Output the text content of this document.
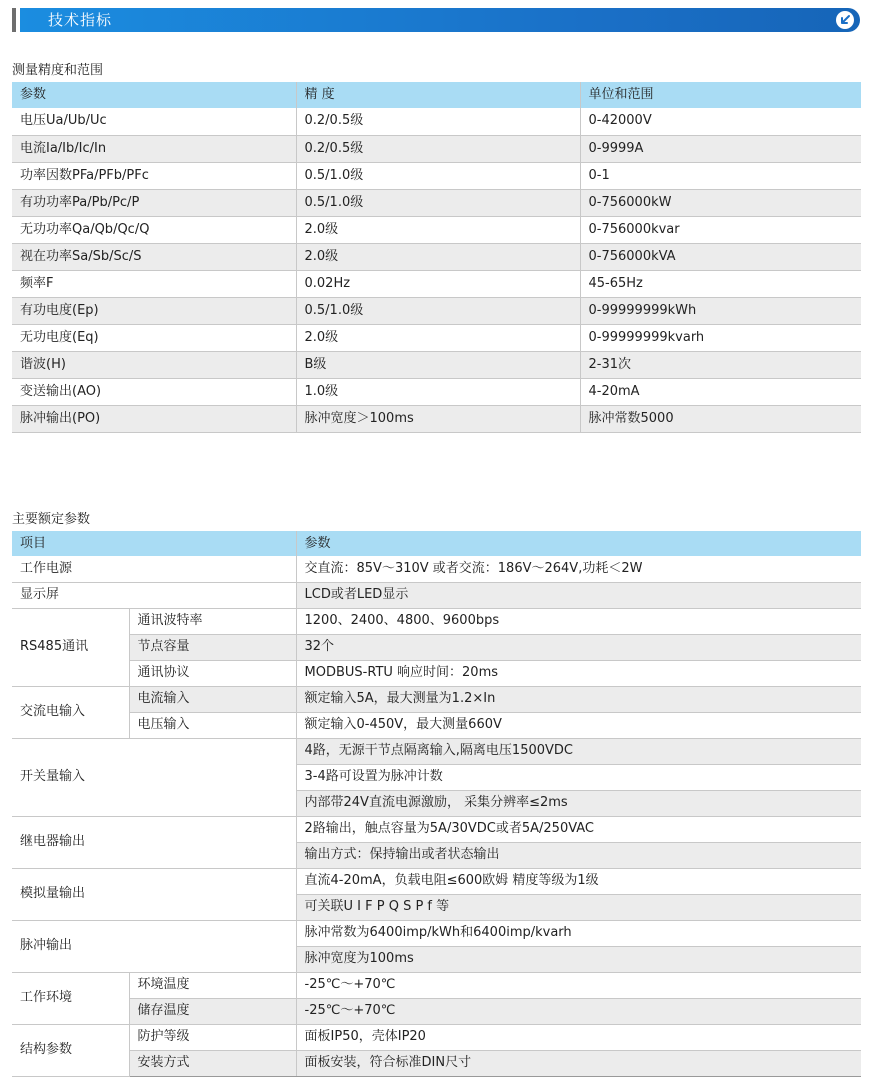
技术指标
测量精度和范围
参数	精 度	单位和范围
电压Ua/Ub/Uc	0.2/0.5级	0-42000V
电流Ia/Ib/Ic/In	0.2/0.5级	0-9999A
功率因数PFa/PFb/PFc	0.5/1.0级	0-1
有功功率Pa/Pb/Pc/P	0.5/1.0级	0-756000kW
无功功率Qa/Qb/Qc/Q	2.0级	0-756000kvar
视在功率Sa/Sb/Sc/S	2.0级	0-756000kVA
频率F	0.02Hz	45-65Hz
有功电度(Ep)	0.5/1.0级	0-99999999kWh
无功电度(Eq)	2.0级	0-99999999kvarh
谐波(H)	B级	2-31次
变送输出(AO)	1.0级	4-20mA
脉冲输出(PO)	脉冲宽度＞100ms	脉冲常数5000
主要额定参数
项目		参数
工作电源		交直流：85V～310V 或者交流：186V～264V,功耗＜2W
显示屏		LCD或者LED显示
RS485通讯	通讯波特率	1200、2400、4800、9600bps
	节点容量	32个
	通讯协议	MODBUS-RTU 响应时间：20ms
交流电输入	电流输入	额定输入5A，最大测量为1.2×In
	电压输入	额定输入0-450V，最大测量660V
开关量输入		4路，无源干节点隔离输入,隔离电压1500VDC
		3-4路可设置为脉冲计数
		内部带24V直流电源激励， 采集分辨率≤2ms
继电器输出		2路输出，触点容量为5A/30VDC或者5A/250VAC
		输出方式：保持输出或者状态输出
模拟量输出		直流4-20mA，负载电阻≤600欧姆 精度等级为1级
		可关联U I F P Q S P f 等
脉冲输出		脉冲常数为6400imp/kWh和6400imp/kvarh
		脉冲宽度为100ms
工作环境	环境温度	-25℃～+70℃
	储存温度	-25℃～+70℃
结构参数	防护等级	面板IP50，壳体IP20
	安装方式	面板安装，符合标准DIN尺寸
